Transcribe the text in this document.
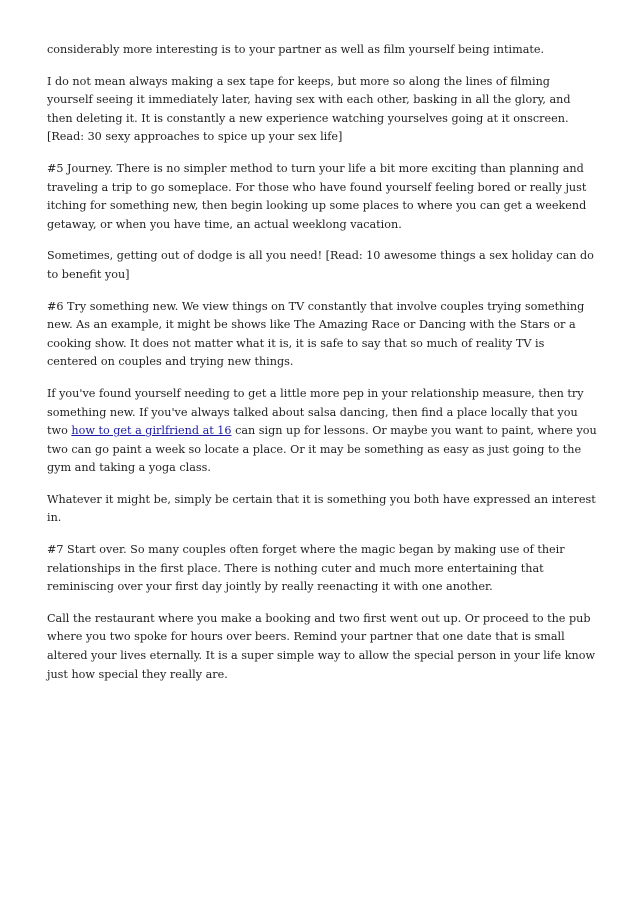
considerably more interesting is to your partner as well as film yourself being intimate.

I do not mean always making a sex tape for keeps, but more so along the lines of filming yourself seeing it immediately later, having sex with each other, basking in all the glory, and then deleting it. It is constantly a new experience watching yourselves going at it onscreen. [Read: 30 sexy approaches to spice up your sex life]

#5 Journey. There is no simpler method to turn your life a bit more exciting than planning and traveling a trip to go someplace. For those who have found yourself feeling bored or really just itching for something new, then begin looking up some places to where you can get a weekend getaway, or when you have time, an actual weeklong vacation.

Sometimes, getting out of dodge is all you need! [Read: 10 awesome things a sex holiday can do to benefit you]

#6 Try something new. We view things on TV constantly that involve couples trying something new. As an example, it might be shows like The Amazing Race or Dancing with the Stars or a cooking show. It does not matter what it is, it is safe to say that so much of reality TV is centered on couples and trying new things.

If you've found yourself needing to get a little more pep in your relationship measure, then try something new. If you've always talked about salsa dancing, then find a place locally that you two how to get a girlfriend at 16 can sign up for lessons. Or maybe you want to paint, where you two can go paint a week so locate a place. Or it may be something as easy as just going to the gym and taking a yoga class.

Whatever it might be, simply be certain that it is something you both have expressed an interest in.

#7 Start over. So many couples often forget where the magic began by making use of their relationships in the first place. There is nothing cuter and much more entertaining that reminiscing over your first day jointly by really reenacting it with one another.

Call the restaurant where you make a booking and two first went out up. Or proceed to the pub where you two spoke for hours over beers. Remind your partner that one date that is small altered your lives eternally. It is a super simple way to allow the special person in your life know just how special they really are.
